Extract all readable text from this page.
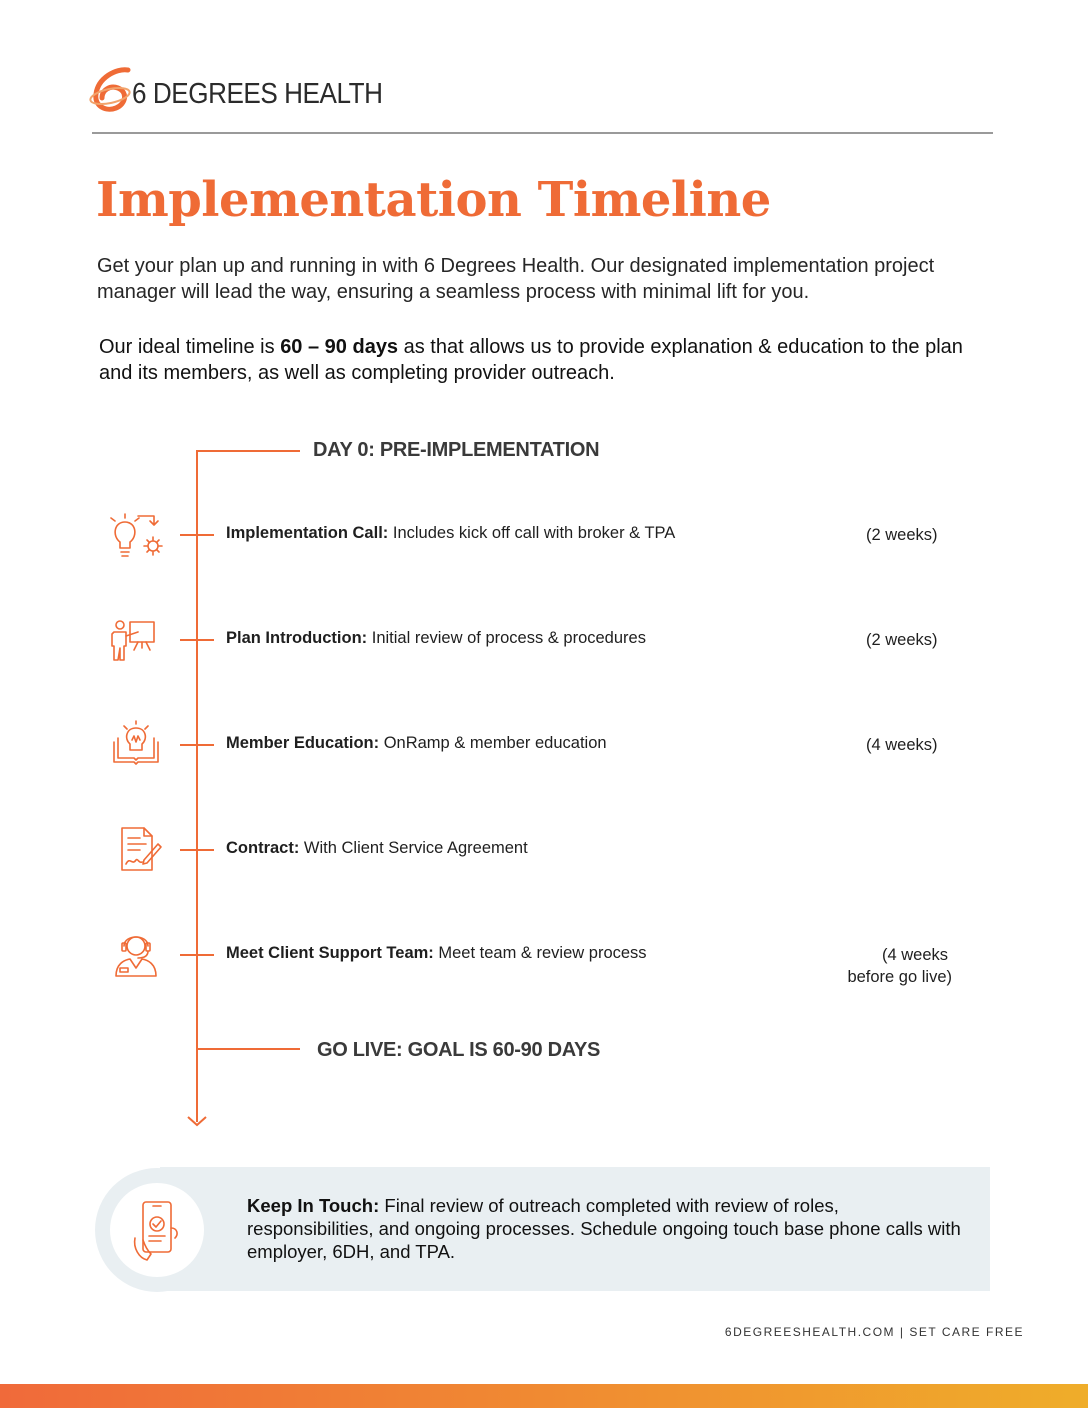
6 DEGREES HEALTH
Implementation Timeline

Get your plan up and running in with 6 Degrees Health. Our designated implementation project manager will lead the way, ensuring a seamless process with minimal lift for you.

Our ideal timeline is 60 – 90 days as that allows us to provide explanation & education to the plan and its members, as well as completing provider outreach.

DAY 0: PRE-IMPLEMENTATION
GO LIVE: GOAL IS 60-90 DAYS

Implementation Call: Includes kick off call with broker & TPA	(2 weeks)

Plan Introduction: Initial review of process & procedures	(2 weeks)

Member Education: OnRamp & member education	(4 weeks)

Contract: With Client Service Agreement

Meet Client Support Team: Meet team & review process	(4 weeks
before go live)

Keep In Touch: Final review of outreach completed with review of roles, responsibilities, and ongoing processes. Schedule ongoing touch base phone calls with employer, 6DH, and TPA.

6DEGREESHEALTH.COM | SET CARE FREE
